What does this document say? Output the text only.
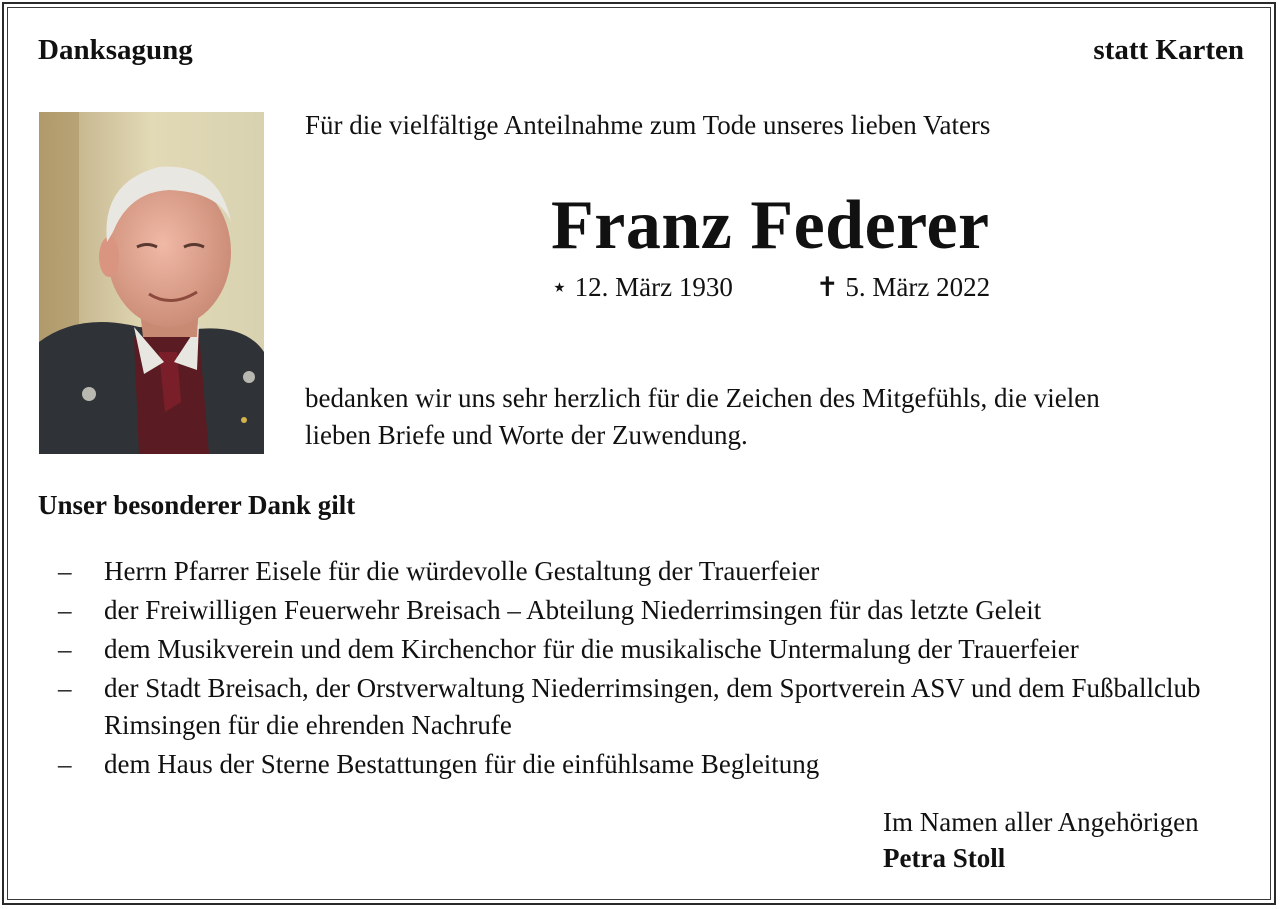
Danksagung	statt Karten
Für die vielfältige Anteilnahme zum Tode unseres lieben Vaters
Franz Federer
⋆ 12. März 1930	✝ 5. März 2022
bedanken wir uns sehr herzlich für die Zeichen des Mitgefühls, die vielen
lieben Briefe und Worte der Zuwendung.
Unser besonderer Dank gilt
– Herrn Pfarrer Eisele für die würdevolle Gestaltung der Trauerfeier
– der Freiwilligen Feuerwehr Breisach – Abteilung Niederrimsingen für das letzte Geleit
– dem Musikverein und dem Kirchenchor für die musikalische Untermalung der Trauerfeier
– der Stadt Breisach, der Orstverwaltung Niederrimsingen, dem Sportverein ASV und dem Fußballclub Rimsingen für die ehrenden Nachrufe
– dem Haus der Sterne Bestattungen für die einfühlsame Begleitung
Im Namen aller Angehörigen
Petra Stoll
